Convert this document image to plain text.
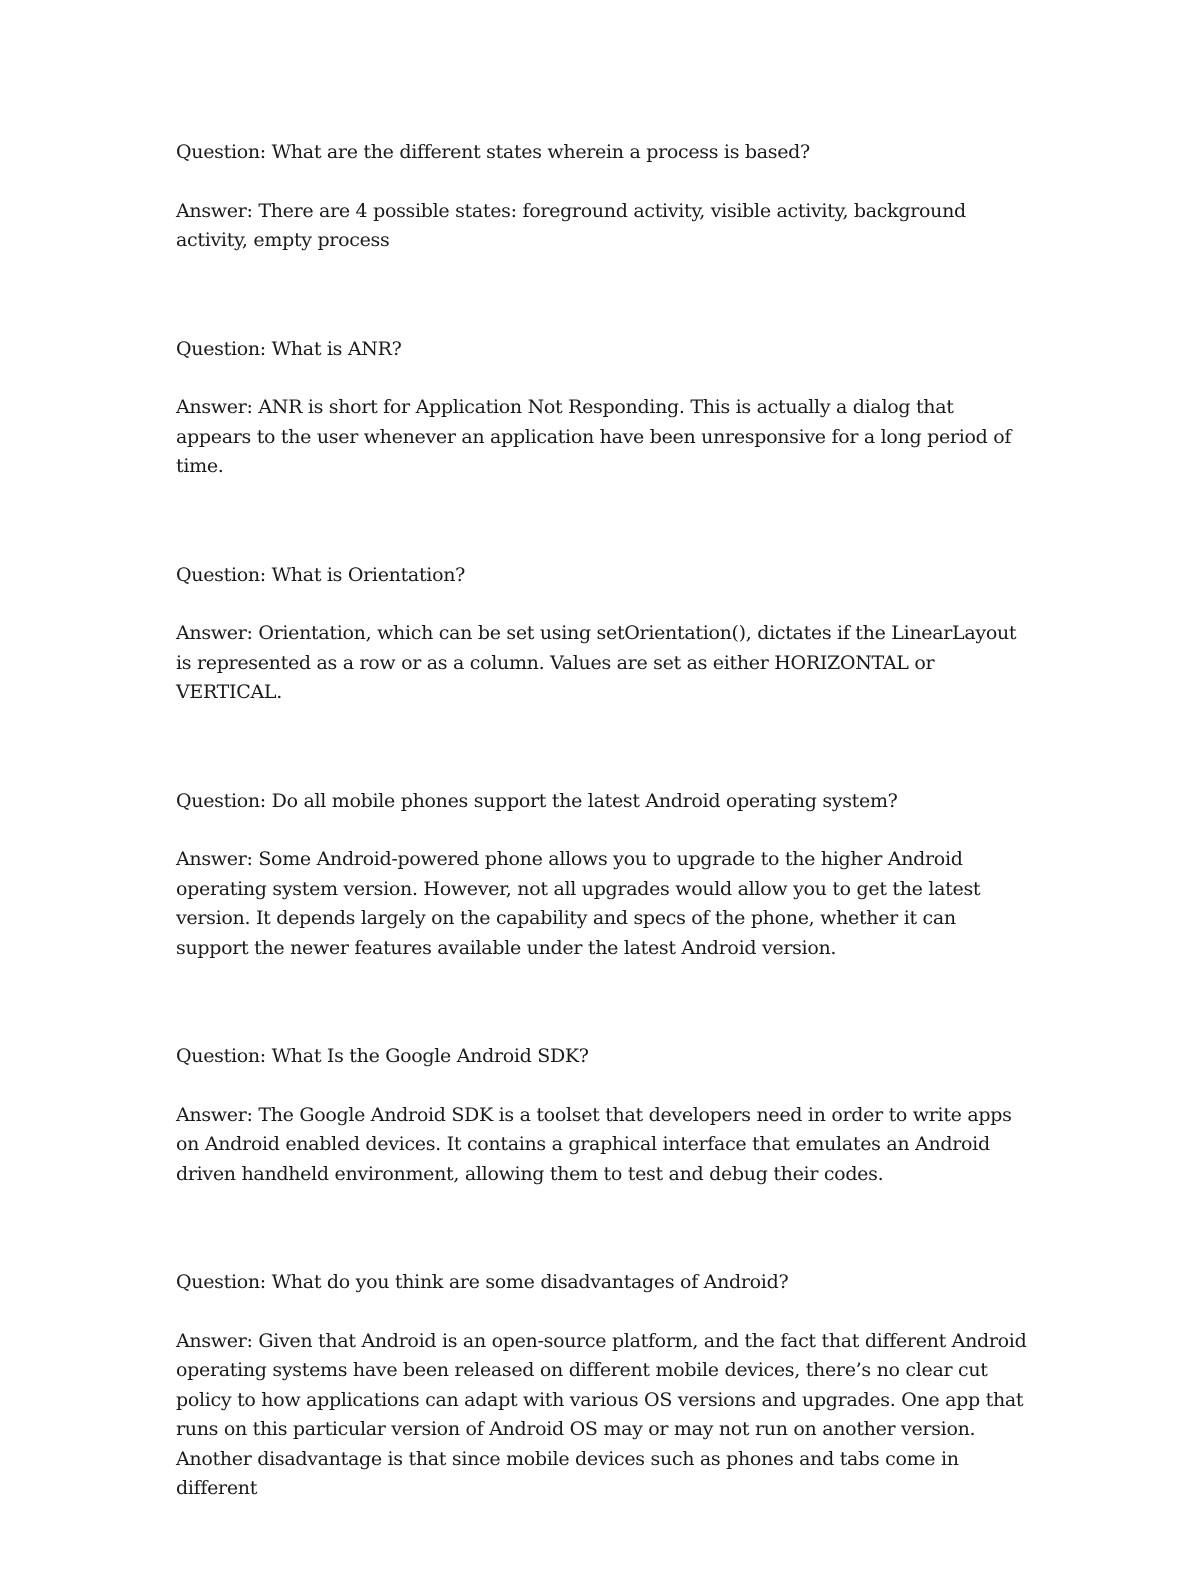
Question: What are the different states wherein a process is based?

Answer: There are 4 possible states: foreground activity, visible activity, background activity, empty process

Question: What is ANR?

Answer: ANR is short for Application Not Responding. This is actually a dialog that appears to the user whenever an application have been unresponsive for a long period of time.

Question: What is Orientation?

Answer: Orientation, which can be set using setOrientation(), dictates if the LinearLayout is represented as a row or as a column. Values are set as either HORIZONTAL or VERTICAL.

Question: Do all mobile phones support the latest Android operating system?

Answer: Some Android-powered phone allows you to upgrade to the higher Android operating system version. However, not all upgrades would allow you to get the latest version. It depends largely on the capability and specs of the phone, whether it can support the newer features available under the latest Android version.

Question: What Is the Google Android SDK?

Answer: The Google Android SDK is a toolset that developers need in order to write apps on Android enabled devices. It contains a graphical interface that emulates an Android driven handheld environment, allowing them to test and debug their codes.

Question: What do you think are some disadvantages of Android?

Answer: Given that Android is an open-source platform, and the fact that different Android operating systems have been released on different mobile devices, there’s no clear cut policy to how applications can adapt with various OS versions and upgrades. One app that runs on this particular version of Android OS may or may not run on another version. Another disadvantage is that since mobile devices such as phones and tabs come in different
